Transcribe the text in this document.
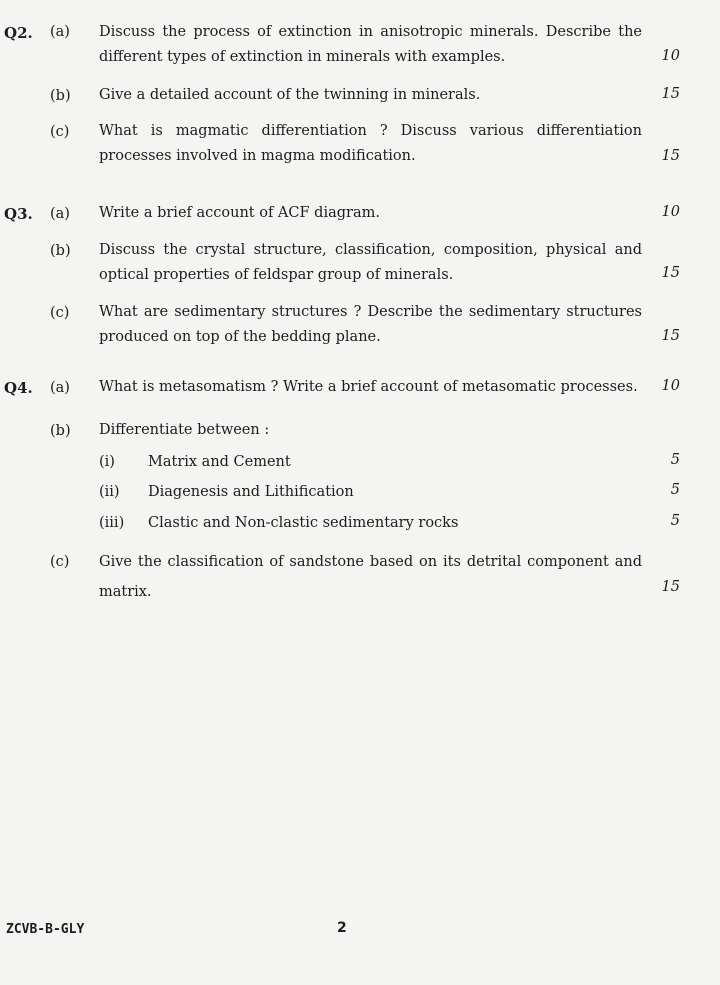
Q2. (a) Discuss the process of extinction in anisotropic minerals. Describe the different types of extinction in minerals with examples.	10
(b) Give a detailed account of the twinning in minerals.	15
(c) What is magmatic differentiation ? Discuss various differentiation processes involved in magma modification.	15
Q3. (a) Write a brief account of ACF diagram.	10
(b) Discuss the crystal structure, classification, composition, physical and optical properties of feldspar group of minerals.	15
(c) What are sedimentary structures ? Describe the sedimentary structures produced on top of the bedding plane.	15
Q4. (a) What is metasomatism ? Write a brief account of metasomatic processes. 10
(b) Differentiate between :
(i) Matrix and Cement	5
(ii) Diagenesis and Lithification	5
(iii) Clastic and Non-clastic sedimentary rocks	5
(c) Give the classification of sandstone based on its detrital component and matrix.	15
ZCVB-B-GLY	2
